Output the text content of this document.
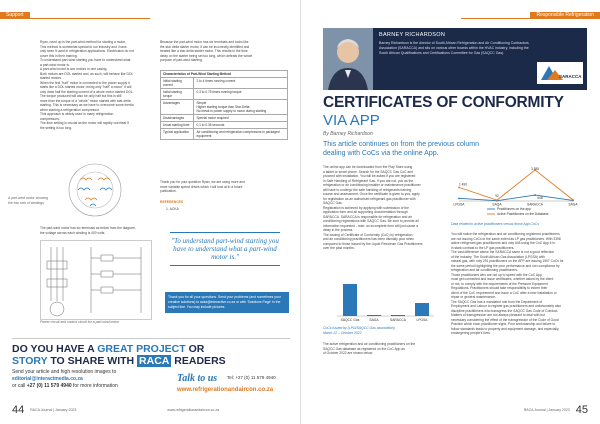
Support
Ryan, need up is the part-wind method for starting a motor.
This method is somewhat special to our industry and I have
only seen it used in refrigeration applications. Electricians do not
cover this in their training.
To understand part-wind starting you have to understand what
a part-wind motor is.
A part-wind motor is two motors in one casing.
Both motors are DOL started and, as such, will behave like DOL
started motors.
When the first "half" motor is connected to the power supply it
starts like a DOL started motor; being only "half" a motor" it will
only draw half the starting current of a whole motor started DOL.
The torque produced will also be only half but this is still
more than the torque of a "whole" motor started with star-delta
starting. This is necessary as we have to overcome some inertia
when starting a refrigeration compressor.
This approach is widely used in many refrigeration
compressors.
The time setting is crucial as the motor will rapidly overheat if
the setting is too long.
A part-wind motor showing the two sets of windings
The part-wind motor has six terminals as below from the diagram,
the voltage across each winding is 400 volts.
Power circuit and control circuit for a part-wind motor
Because the part-wind motor has six terminals and looks like
the star delta starter motor, it can be incorrectly identified and
treated like a star-delta starter motor. This results in the time
delay on the starter being set too long, which defeats the whole
purpose of part-wind starting.
Characteristics of Part-Wind Starting Method	
Initial starting current	2 to 4 times running current
Initial starting torque	0.3 to 0.75 times running torque
Advantages	Simple
Higher starting torque than Star-Delta
No break in power supply to motor during starting
Disadvantages	Special motor required
Usual starting time	0.1 to 0.35 seconds
Typical application	Air conditioning and refrigeration compressors in packaged equipment
Thank you for your question Ryan, we are using more and
more variable speed drives which I will look at in a future
publication.
REFERENCES
1. ACKA
"To understand part-wind starting you have to understand what a part-wind motor is."
Thank you for all your questions. Send your problems (and sometimes your creative solutions) to acka@interactive.co.za or with 'Solutions Page' in the subject line. You may include pictures.
DO YOU HAVE A GREAT PROJECT OR
STORY TO SHARE WITH RACA READERS
Send your article and high resolution images to
editorial@interactmedia.co.za
or call +27 (0) 11 579 4940 for more information
Talk to us Tel: +27 (0) 11 579 4940
www.refrigerationandaircon.co.za
44 RACA Journal | January 2023	www.refrigerationandaircon.co.za
Responsible Refrigeration
BARNEY RICHARDSON
Barney Richardson is the director of South African Refrigeration and Air Conditioning Contractors Association (SARACCA) and sits on various other boards within the HVAC industry, including the South African Qualifications and Certifications Committee for Gas (SAQCC Gas).
SARACCA
CERTIFICATES OF CONFORMITY
VIA APP
By Barney Richardson
This article continues on from the previous column dealing with CoCs via the online App.
The online app can be downloaded from the Play Store using
a tablet or smart phone. Search for the SAQCC Gas CoC and
proceed with installation. You will be asked if you are registered
in Safe Handling of Refrigerant Gas. If you are not, you as the
refrigeration or air conditioning installer or maintenance practitioner
will have to undergo the safe handling of refrigerants training
course and assessment. Once the certificate is given to you, apply
for registration as an authorised refrigerant gas practitioner with
SAQCC Gas.
Registration is achieved by applying with submission of the
application form and all supporting documentation through
SARACCA. SARACCA is responsible for refrigeration and air
conditioning registrations with SAQCC Gas. Be sure to provide all
information requested - note: an incomplete form will just cause a
delay in the process.
The issuing of Certificate of Conformity (CoC) by refrigeration
and air conditioning practitioners has been dismally poor when
compared to those issued by the Liquid Petroleum Gas Practitioners
over the past months.
SAQCC Gas	SAGA	SARACCA	LPGSA
CoCs issued by (LPG/SAQCC Gas association)
March 22 – October 2022
The active refrigeration and air conditioning practitioners on the
SAQCC Gas database as registered on the CoC App as
of October 2022 are shown below.
Practitioners on the app
Active Practitioners on the Database
LPGSA	SAQA	SARACCA	SAGA
1 490
3 398
648
92
Data related to active practitioners versus those App CoCs
You will notice the refrigeration and air conditioning registered practitioners
are not issuing CoCs to the same extent as LP gas practitioners. With 3398
active refrigerant gas practitioners and only 648 using the CoC App it is
in stark contrast to the LP gas practitioners.
The vast difference above the SARACCA same is not a good reflection
of the industry. The South African Gas Association (LPGSA) with
natural gas, with only 291 practitioners on the APP are issuing 1597 CoCs for
the same period highlighting the poor performance and non-compliance by
refrigeration and air conditioning practitioners.
Those practitioners who are not up to speed with the CoC App
must get connected and issue certificates, whether asked by the client
or not, to comply with the requirements of the Pressure Equipment
Regulations. Practitioners should take responsibility to inform their
client of the CoC requirement and issue a CoC after a new installation or
repair or general maintenance.
The SAQCC Gas has a mandated role from the Department of
Employment and Labour to register gas practitioners and unfortunately also
discipline practitioners who transgress the SAQCC Gas Code of Conduct.
Matters of transgression are not always pleasant to deal with but
necessary considering the effect of the transgression of the Code of Good
Practice which each practitioner signs. Poor workmanship and failure to
follow standards leads to property and equipment damage, and especially,
endangering people's lives.
RACA Journal | January 2023 45
